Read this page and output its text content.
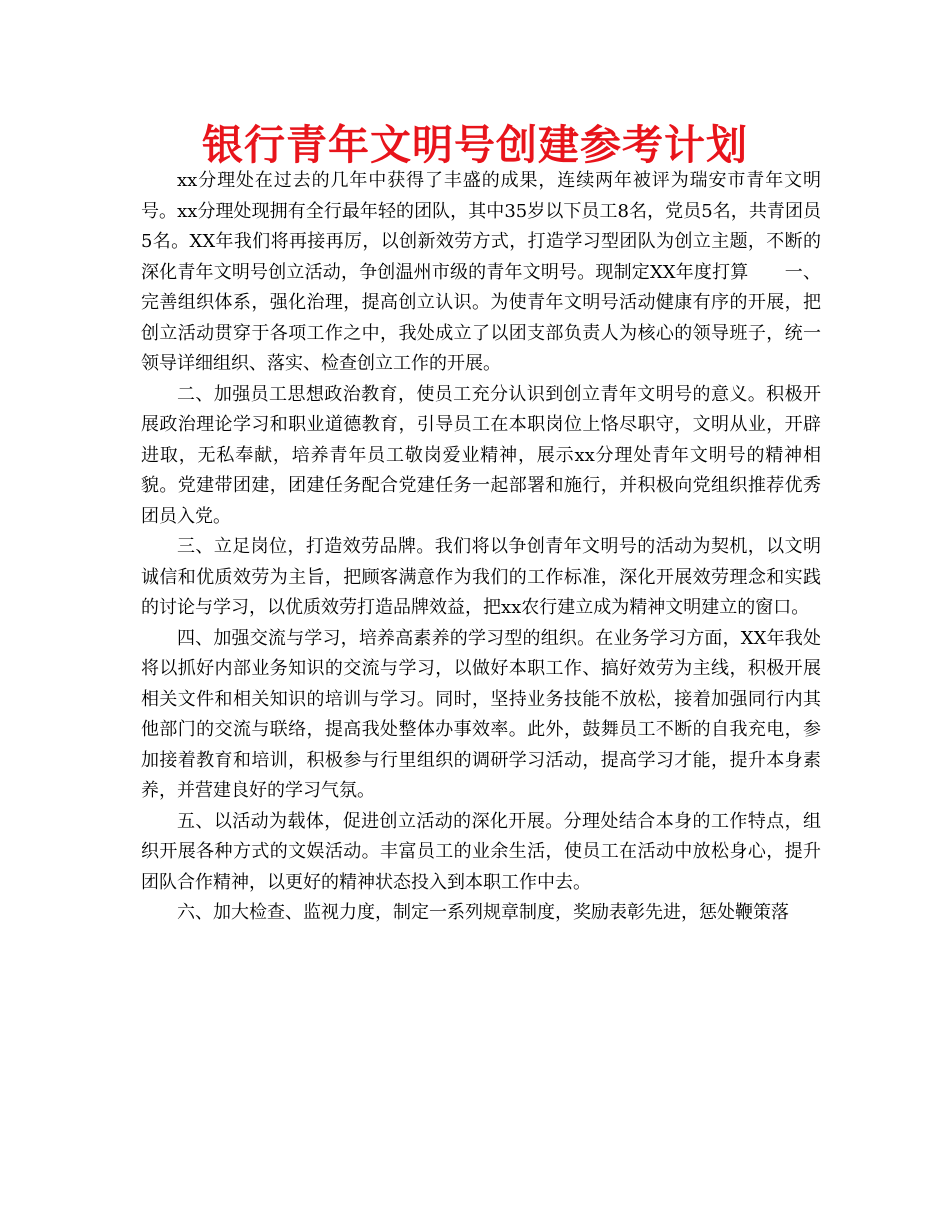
银行青年文明号创建参考计划

xx分理处在过去的几年中获得了丰盛的成果，连续两年被评为瑞安市青年文明号。xx分理处现拥有全行最年轻的团队，其中35岁以下员工8名，党员5名，共青团员5名。XX年我们将再接再厉，以创新效劳方式，打造学习型团队为创立主题，不断的深化青年文明号创立活动，争创温州市级的青年文明号。现制定XX年度打算　　一、完善组织体系，强化治理，提高创立认识。为使青年文明号活动健康有序的开展，把创立活动贯穿于各项工作之中，我处成立了以团支部负责人为核心的领导班子，统一领导详细组织、落实、检查创立工作的开展。

二、加强员工思想政治教育，使员工充分认识到创立青年文明号的意义。积极开展政治理论学习和职业道德教育，引导员工在本职岗位上恪尽职守，文明从业，开辟进取，无私奉献，培养青年员工敬岗爱业精神，展示xx分理处青年文明号的精神相貌。党建带团建，团建任务配合党建任务一起部署和施行，并积极向党组织推荐优秀团员入党。

三、立足岗位，打造效劳品牌。我们将以争创青年文明号的活动为契机，以文明诚信和优质效劳为主旨，把顾客满意作为我们的工作标准，深化开展效劳理念和实践的讨论与学习，以优质效劳打造品牌效益，把xx农行建立成为精神文明建立的窗口。

四、加强交流与学习，培养高素养的学习型的组织。在业务学习方面，XX年我处将以抓好内部业务知识的交流与学习，以做好本职工作、搞好效劳为主线，积极开展相关文件和相关知识的培训与学习。同时，坚持业务技能不放松，接着加强同行内其他部门的交流与联络，提高我处整体办事效率。此外，鼓舞员工不断的自我充电，参加接着教育和培训，积极参与行里组织的调研学习活动，提高学习才能，提升本身素养，并营建良好的学习气氛。

五、以活动为载体，促进创立活动的深化开展。分理处结合本身的工作特点，组织开展各种方式的文娱活动。丰富员工的业余生活，使员工在活动中放松身心，提升团队合作精神，以更好的精神状态投入到本职工作中去。

六、加大检查、监视力度，制定一系列规章制度，奖励表彰先进，惩处鞭策落
